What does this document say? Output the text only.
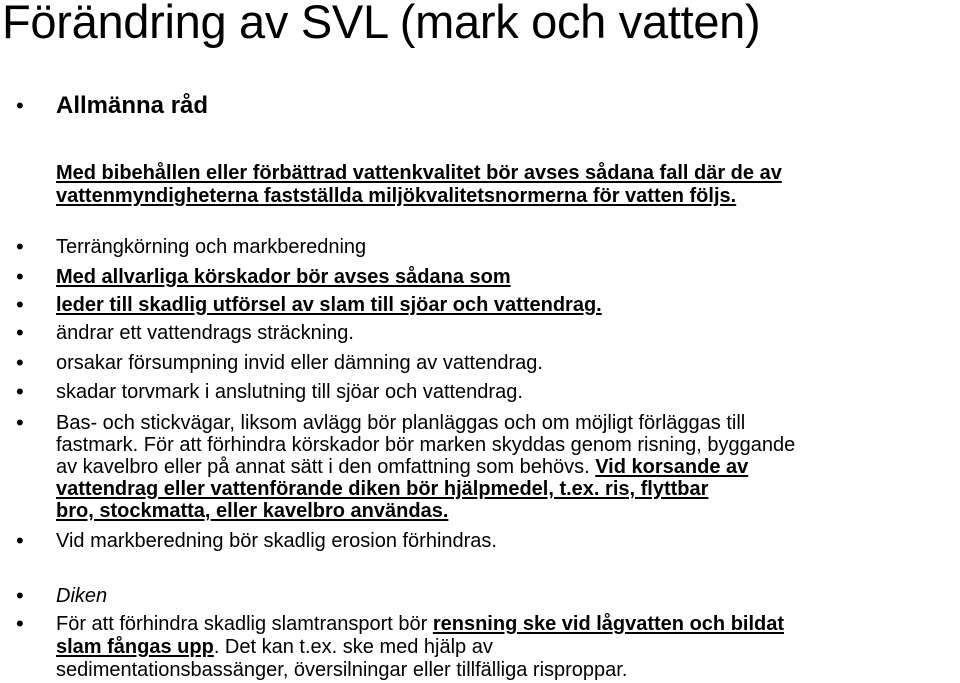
Förändring av SVL (mark och vatten)
• Allmänna råd

Med bibehållen eller förbättrad vattenkvalitet bör avses sådana fall där de av

vattenmyndigheterna fastställda miljökvalitetsnormerna för vatten följs.

• Terrängkörning och markberedning

• Med allvarliga körskador bör avses sådana som

• leder till skadlig utförsel av slam till sjöar och vattendrag.

• ändrar ett vattendrags sträckning.

• orsakar försumpning invid eller dämning av vattendrag.

• skadar torvmark i anslutning till sjöar och vattendrag.

• Bas- och stickvägar, liksom avlägg bör planläggas och om möjligt förläggas till

fastmark. För att förhindra körskador bör marken skyddas genom risning, byggande

av kavelbro eller på annat sätt i den omfattning som behövs. Vid korsande av

vattendrag eller vattenförande diken bör hjälpmedel, t.ex. ris, flyttbar

bro, stockmatta, eller kavelbro användas.

• Vid markberedning bör skadlig erosion förhindras.

• Diken

• För att förhindra skadlig slamtransport bör rensning ske vid lågvatten och bildat

slam fångas upp. Det kan t.ex. ske med hjälp av

sedimentationsbassänger, översilningar eller tillfälliga risproppar.
